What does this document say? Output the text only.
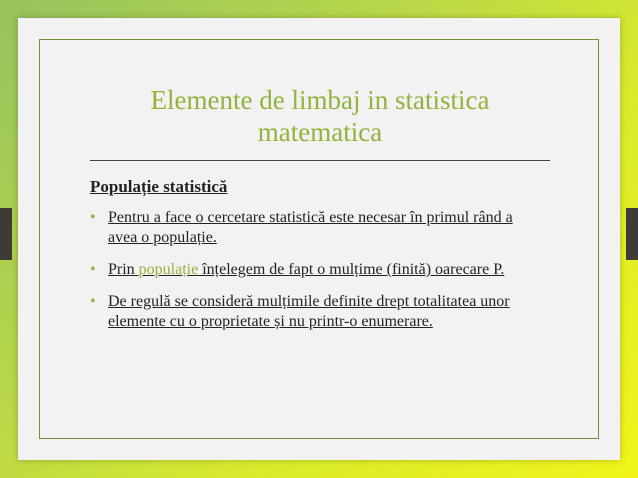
Elemente de limbaj in statistica matematica
Populație statistică
• Pentru a face o cercetare statistică este necesar în primul rând a avea o populație.
• Prin populație înțelegem de fapt o mulțime (finită) oarecare P.
• De regulă se consideră mulțimile definite drept totalitatea unor elemente cu o proprietate și nu printr-o enumerare.
